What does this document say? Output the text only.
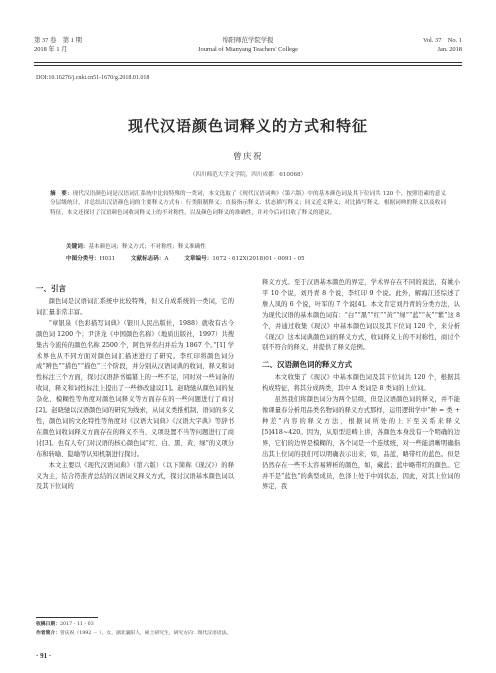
第 37 卷　第 1 期
2018 年 1 月
绵阳师范学院学报
Journal of Mianyang Teachers' College
Vol. 37　No. 1
Jan. 2018
DOI:10.16276/j.cnki.cn51-1670/g.2018.01.018
现代汉语颜色词释义的方式和特征
曾庆祝
（四川师范大学文学院，四川成都　610068）
摘　要：现代汉语颜色词是汉语词汇系统中比较特殊的一类词，本文选取了《现代汉语词典》（第六版）中的基本颜色词及其下位词共 120 个，按照语素的意义分层级统计，并总结出汉语颜色词的主要释义方式有：行类限制释义；直接指示释义、状态描写释义；同义近义释义；对比描写释义。根据词典的释义以及收词特征，本文还探讨了汉语颜色词收词释义上的不对称性，以及颜色词释义的准确性，并对今后词目收了释义的建议。
关键词：基本颜色词；释义方式；不对称性；释义准确性
中图分类号：H031	文献标志码：A	文章编号：1672 - 612X(2018)01 - 0091 - 05
一、引言

颜色词是汉语词汇系统中比较特殊，但又自成系统的一类词，它的词汇量非常丰富。

“章银泉《色彩描写词典》（银川人民出版社，1988）就收有古今颜色词 1200 个；尹济龙《中国颜色名称》（地质出版社，1997）共搜集古今流传的颜色名称 2500 个，阿色异名归并后为 1867 个。”[1] 学术界也从不同方面对颜色词汇描述进行了研究。李红印将颜色词分成“辨色”“措色”“描色”三个阶段，并分别从汉语词典的收词，释义和词性标注三个方面，探讨汉语辞书编纂上的一些不足，同时对一些词条的收词，释义和词性标注上提出了一些修改建议[1]。赵晓驰从颜色词的复杂化、模糊性等角度对颜色词释义等方面存在的一些问题进行了商讨[2]。赵晓驰以汉语颜色词的研究为线索，从词义类推机制、语词的多义性，颜色词的文化特性等角度对《汉语大词典》《汉语大字典》等辞书在颜色词收词释义方面存在的释义不当、义项设置不当等问题进行了商讨[3]。也有人专门对汉语的核心颜色词“红、白、黑、黄、绿”的义项分布和转喻、隐喻等认知机制进行探讨。

本文主要以《现代汉语词典》（第六版）（以下简称《现汉》）的释义为主，结合符准青总结的汉语词义释义方式，探讨汉语基本颜色词以及其下位词的

释义方式。至于汉语基本颜色的界定，学术界存在不同的说法，有姚小平 10 个说，刘丹青 8 个说，李红印 9 个说。此外，解海江还综述了詹人凤的 6 个说，叶军的 7 个说[4]。本文肯定刘丹青的分类方法，认为现代汉语的基本颜色词有：“白”“黑”“红”“黄”“绿”“蓝”“灰”“紫”这 8 个，并通过收集《现汉》中基本颜色词以及其下位词 120 个，来分析《现汉》这本词典颜色词的释义方式，收词释义上的不对称性，商讨个别不符合的释义，并提供了释义范例。

二、汉语颜色词的释义方式

本文收集了《现汉》中基本颜色词及其下位词共 120 个，根据其构成特征，将其分成两类，其中 A 类词是 8 类词的上位词。

虽然我们将颜色词分为两个层级，但是汉语颜色词的释义，并不能像课量春分析用品类名物词的释义方式那样，运用逻辑学中“种 = 类 + 种差”内容的释义方法，根据词所处的上下至关系来释义[5]418~420。因为，从原型范畴上讲，各颜色本身没有一个明确的边界，它们的边界是模糊的，各个词是一个连续统，对一些能清晰明确指出其上位词的我们可以明确表示出来，如，品蓝，略带红的蓝色。但是仍然存在一些不太容易辨析的颜色，如，藏蓝；蓝中略带红的颜色。它并不是“蓝色”的典型成员，色泽上处于中间状态，因此，对其上位词的界定，我

收稿日期：2017 - 11 - 03
作者简介：曾庆祝（1992 － ），女，湖北襄阳人，硕士研究生，研究方向：现代汉语语法。
· 91 ·
